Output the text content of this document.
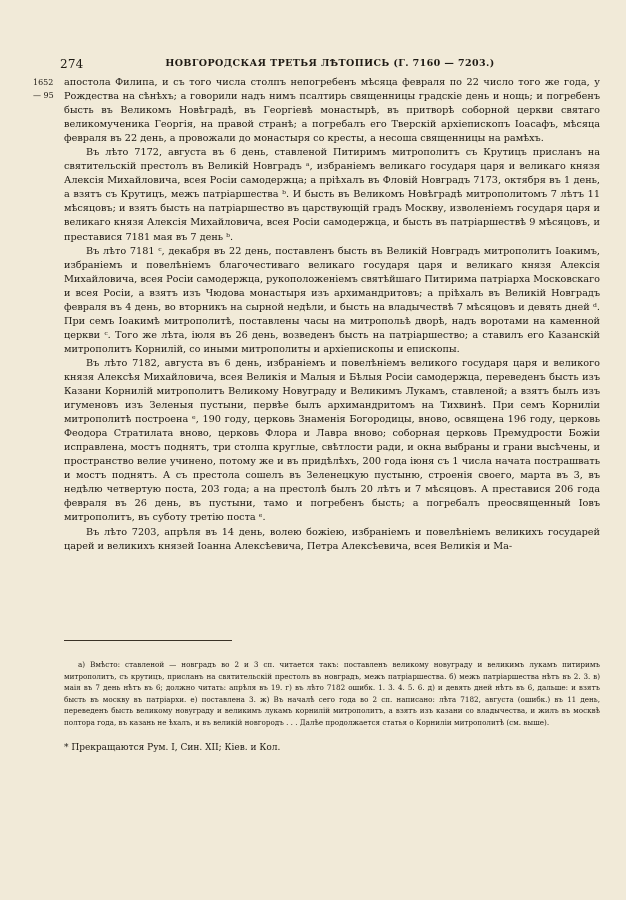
274	НОВГОРОДСКАЯ ТРЕТЬЯ ЛѢТОПИСЬ (Г. 7160 — 7203.)
1652
— 95

апостола Филипа, и съ того числа столпъ непогребенъ мѣсяца февраля по 22 число того же года, у Рождества на сѣнѣхъ; а говорили надъ нимъ псалтирь священницы градскіе день и нощь; и погребенъ бысть въ Великомъ Новѣградѣ, въ Георгіевѣ монастырѣ, въ притворѣ соборной церкви святаго великомученика Георгія, на правой странѣ; а погребалъ его Тверскій архіепископъ Іоасафъ, мѣсяца февраля въ 22 день, а провожали до монастыря со кресты, а несоша священницы на рамѣхъ.

Въ лѣто 7172, августа въ 6 день, ставленой Питиримъ митрополитъ съ Крутицъ присланъ на святительскій престолъ въ Великій Новградъ ᵃ, избраніемъ великаго государя царя и великаго князя Алексія Михайловича, всея Росіи самодержца; а пріѣхалъ въ Фловій Новградъ 7173, октября въ 1 день, а взятъ съ Крутицъ, межъ патріаршества ᵇ. И бысть въ Великомъ Новѣградѣ митрополитомъ 7 лѣтъ 11 мѣсяцовъ; и взятъ бысть на патріаршество въ царствующій градъ Москву, изволеніемъ государя царя и великаго князя Алексія Михайловича, всея Росіи самодержца, и бысть въ патріаршествѣ 9 мѣсяцовъ, и преставися 7181 мая въ 7 день ᵇ.

Въ лѣто 7181 ᶜ, декабря въ 22 день, поставленъ бысть въ Великій Новградъ митрополитъ Іоакимъ, избраніемъ и повелѣніемъ благочестиваго великаго государя царя и великаго князя Алексія Михайловича, всея Росіи самодержца, рукоположеніемъ святѣйшаго Питирима патріарха Московскаго и всея Росіи, а взятъ изъ Чюдова монастыря изъ архимандритовъ; а пріѣхалъ въ Великій Новградъ февраля въ 4 день, во вторникъ на сырной недѣли, и бысть на владычествѣ 7 мѣсяцовъ и девять дней ᵈ. При семъ Іоакимѣ митрополитѣ, поставлены часы на митропольѣ дворѣ, надъ воротами на каменной церкви ᶜ. Того же лѣта, іюля въ 26 день, возведенъ бысть на патріаршество; а ставилъ его Казанскій митрополитъ Корнилій, со иными митрополиты и архіепископы и епископы.

Въ лѣто 7182, августа въ 6 день, избраніемъ и повелѣніемъ великого государя царя и великого князя Алексѣя Михайловича, всея Великія и Малыя и Бѣлыя Росіи самодержца, переведенъ бысть изъ Казани Корнилій митрополитъ Великому Новуграду и Великимъ Лукамъ, ставленой; а взятъ былъ изъ игуменовъ изъ Зеленыя пустыни, первѣе былъ архимандритомъ на Тихвинѣ. При семъ Корниліи митрополитѣ построена ᵉ, 190 году, церковь Знаменія Богородицы, вново, освящена 196 году, церковь Феодора Стратилата вново, церковь Флора и Лавра вново; соборная церковь Премудрости Божіи исправлена, мостъ поднятъ, три столпа круглые, свѣтлости ради, и окна выбраны и грани высѣчены, и пространство велие учинено, потому же и въ придѣлѣхъ, 200 года іюня съ 1 числа начата пострашвать и мостъ поднятъ. А съ престола сошелъ въ Зеленецкую пустыню, строенія своего, марта въ 3, въ недѣлю четвертую поста, 203 года; а на престолѣ былъ 20 лѣтъ и 7 мѣсяцовъ. А преставися 206 года февраля въ 26 день, въ пустыни, тамо и погребенъ бысть; а погребалъ преосвященный Іовъ митрополитъ, въ суботу третію поста ᵉ.

Въ лѣто 7203, апрѣля въ 14 день, волею божіею, избраніемъ и повелѣніемъ великихъ государей царей и великихъ князей Іоанна Алексѣевича, Петра Алексѣевича, всея Великія и Ма-

а) Вмѣсто: ставленой — новградъ во 2 и 3 сп. читается такъ: поставленъ великому новуграду и великимъ лукамъ питиримъ митрополитъ, съ крутицъ, присланъ на святительскій престолъ въ новградъ, межъ патріаршества. б) межъ патріаршества нѣтъ въ 2. 3. в) маія въ 7 день нѣтъ въ 6; должно читать: апрѣля въ 19. г) въ лѣто 7182 ошибк. 1. 3. 4. 5. 6. д) и девять дней нѣтъ въ 6, дальше: и взятъ бысть въ москву въ патріархи. е) поставлена 3. ж) Въ началѣ сего года во 2 сп. написано: лѣта 7182, августа (ошибк.) въ 11 день, переведенъ бысть великому новуграду и великимъ лукамъ корнилій митрополитъ, а взятъ изъ казани со владычества, и жилъ въ москвѣ полтора года, въ казань не ѣхалъ, и въ великій новгородъ . . . Далѣе продолжается статья о Корниліи митрополитѣ (см. выше).

* Прекращаются Рум. I, Син. XII; Кіев. и Кол.
